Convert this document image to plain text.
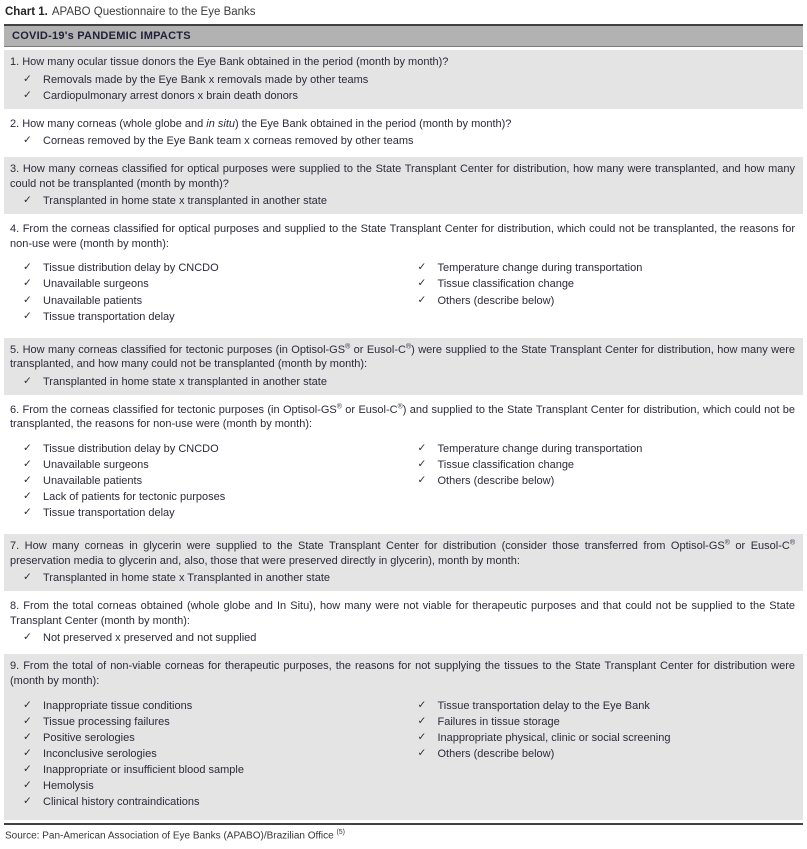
Chart 1. APABO Questionnaire to the Eye Banks
COVID-19's PANDEMIC IMPACTS
1. How many ocular tissue donors the Eye Bank obtained in the period (month by month)?
✓	Removals made by the Eye Bank x removals made by other teams
✓	Cardiopulmonary arrest donors x brain death donors
2. How many corneas (whole globe and in situ) the Eye Bank obtained in the period (month by month)?
✓	Corneas removed by the Eye Bank team x corneas removed by other teams
3. How many corneas classified for optical purposes were supplied to the State Transplant Center for distribution, how many were transplanted, and how many could not be transplanted (month by month)?
✓	Transplanted in home state x transplanted in another state
4. From the corneas classified for optical purposes and supplied to the State Transplant Center for distribution, which could not be transplanted, the reasons for non-use were (month by month):
✓	Tissue distribution delay by CNCDO
✓	Unavailable surgeons
✓	Unavailable patients
✓	Tissue transportation delay
✓	Temperature change during transportation
✓	Tissue classification change
✓	Others (describe below)
5. How many corneas classified for tectonic purposes (in Optisol-GS® or Eusol-C®) were supplied to the State Transplant Center for distribution, how many were transplanted, and how many could not be transplanted (month by month):
✓	Transplanted in home state x transplanted in another state
6. From the corneas classified for tectonic purposes (in Optisol-GS® or Eusol-C®) and supplied to the State Transplant Center for distribution, which could not be transplanted, the reasons for non-use were (month by month):
✓	Tissue distribution delay by CNCDO
✓	Unavailable surgeons
✓	Unavailable patients
✓	Lack of patients for tectonic purposes
✓	Tissue transportation delay
✓	Temperature change during transportation
✓	Tissue classification change
✓	Others (describe below)
7. How many corneas in glycerin were supplied to the State Transplant Center for distribution (consider those transferred from Optisol-GS® or Eusol-C® preservation media to glycerin and, also, those that were preserved directly in glycerin), month by month:
✓	Transplanted in home state x Transplanted in another state
8. From the total corneas obtained (whole globe and In Situ), how many were not viable for therapeutic purposes and that could not be supplied to the State Transplant Center (month by month):
✓	Not preserved x preserved and not supplied
9. From the total of non-viable corneas for therapeutic purposes, the reasons for not supplying the tissues to the State Transplant Center for distribution were (month by month):
✓	Inappropriate tissue conditions
✓	Tissue processing failures
✓	Positive serologies
✓	Inconclusive serologies
✓	Inappropriate or insufficient blood sample
✓	Hemolysis
✓	Clinical history contraindications
✓	Tissue transportation delay to the Eye Bank
✓	Failures in tissue storage
✓	Inappropriate physical, clinic or social screening
✓	Others (describe below)
Source: Pan-American Association of Eye Banks (APABO)/Brazilian Office $^{(5)}$
